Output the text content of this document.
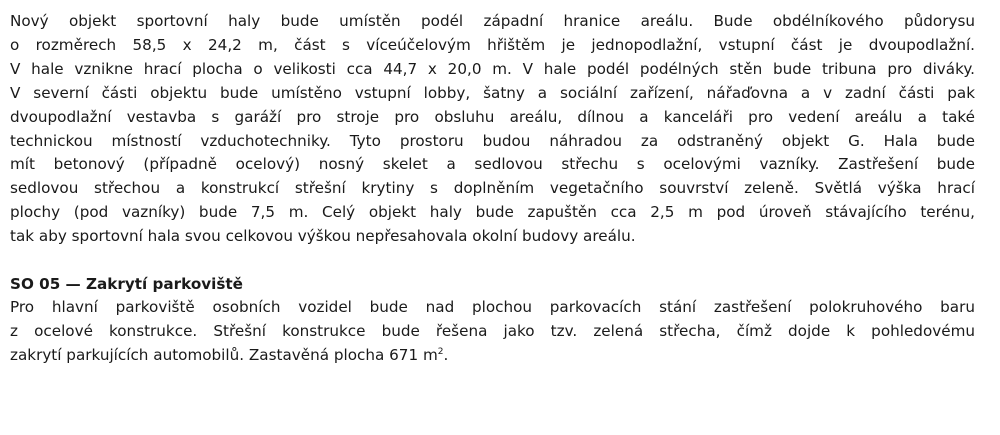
Nový objekt sportovní haly bude umístěn podél západní hranice areálu. Bude obdélníkového půdorysu
o rozměrech 58,5 x 24,2 m, část s víceúčelovým hřištěm je jednopodlažní, vstupní část je dvoupodlažní.
V hale vznikne hrací plocha o velikosti cca 44,7 x 20,0 m. V hale podél podélných stěn bude tribuna pro diváky.
V severní části objektu bude umístěno vstupní lobby, šatny a sociální zařízení, nářaďovna a v zadní části pak
dvoupodlažní vestavba s garáží pro stroje pro obsluhu areálu, dílnou a kanceláři pro vedení areálu a také
technickou místností vzduchotechniky. Tyto prostoru budou náhradou za odstraněný objekt G. Hala bude
mít betonový (případně ocelový) nosný skelet a sedlovou střechu s ocelovými vazníky. Zastřešení bude
sedlovou střechou a konstrukcí střešní krytiny s doplněním vegetačního souvrství zeleně. Světlá výška hrací
plochy (pod vazníky) bude 7,5 m. Celý objekt haly bude zapuštěn cca 2,5 m pod úroveň stávajícího terénu,
tak aby sportovní hala svou celkovou výškou nepřesahovala okolní budovy areálu.

SO 05 — Zakrytí parkoviště

Pro hlavní parkoviště osobních vozidel bude nad plochou parkovacích stání zastřešení polokruhového baru
z ocelové konstrukce. Střešní konstrukce bude řešena jako tzv. zelená střecha, čímž dojde k pohledovému
zakrytí parkujících automobilů. Zastavěná plocha 671 $m^2$.
